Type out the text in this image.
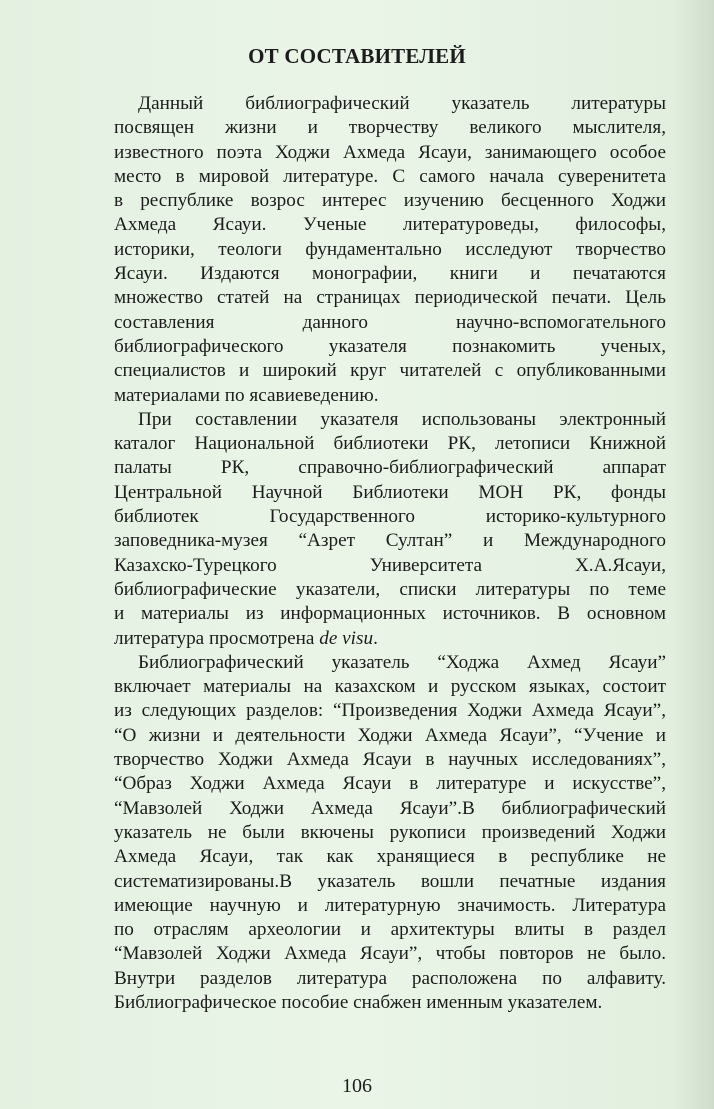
ОТ СОСТАВИТЕЛЕЙ
Данный библиографический указатель литературы
посвящен жизни и творчеству великого мыслителя,
известного поэта Ходжи Ахмеда Ясауи, занимающего особое
место в мировой литературе. С самого начала суверенитета
в республике возрос интерес изучению бесценного Ходжи
Ахмеда Ясауи. Ученые литературоведы, философы,
историки, теологи фундаментально исследуют творчество
Ясауи. Издаются монографии, книги и печатаются
множество статей на страницах периодической печати. Цель
составления данного научно-вспомогательного
библиографического указателя познакомить ученых,
специалистов и широкий круг читателей с опубликованными
материалами по ясавиеведению.
При составлении указателя использованы электронный
каталог Национальной библиотеки РК, летописи Книжной
палаты РК, справочно-библиографический аппарат
Центральной Научной Библиотеки МОН РК, фонды
библиотек Государственного историко-культурного
заповедника-музея “Азрет Султан” и Международного
Казахско-Турецкого Университета Х.А.Ясауи,
библиографические указатели, списки литературы по теме
и материалы из информационных источников. В основном
литература просмотрена de visu.
Библиографический указатель “Ходжа Ахмед Ясауи”
включает материалы на казахском и русском языках, состоит
из следующих разделов: “Произведения Ходжи Ахмеда Ясауи”,
“О жизни и деятельности Ходжи Ахмеда Ясауи”, “Учение и
творчество Ходжи Ахмеда Ясауи в научных исследованиях”,
“Образ Ходжи Ахмеда Ясауи в литературе и искусстве”,
“Мавзолей Ходжи Ахмеда Ясауи”.В библиографический
указатель не были вкючены рукописи произведений Ходжи
Ахмеда Ясауи, так как хранящиеся в республике не
систематизированы.В указатель вошли печатные издания
имеющие научную и литературную значимость. Литература
по отраслям археологии и архитектуры влиты в раздел
“Мавзолей Ходжи Ахмеда Ясауи”, чтобы повторов не было.
Внутри разделов литература расположена по алфавиту.
Библиографическое пособие снабжен именным указателем.
106
